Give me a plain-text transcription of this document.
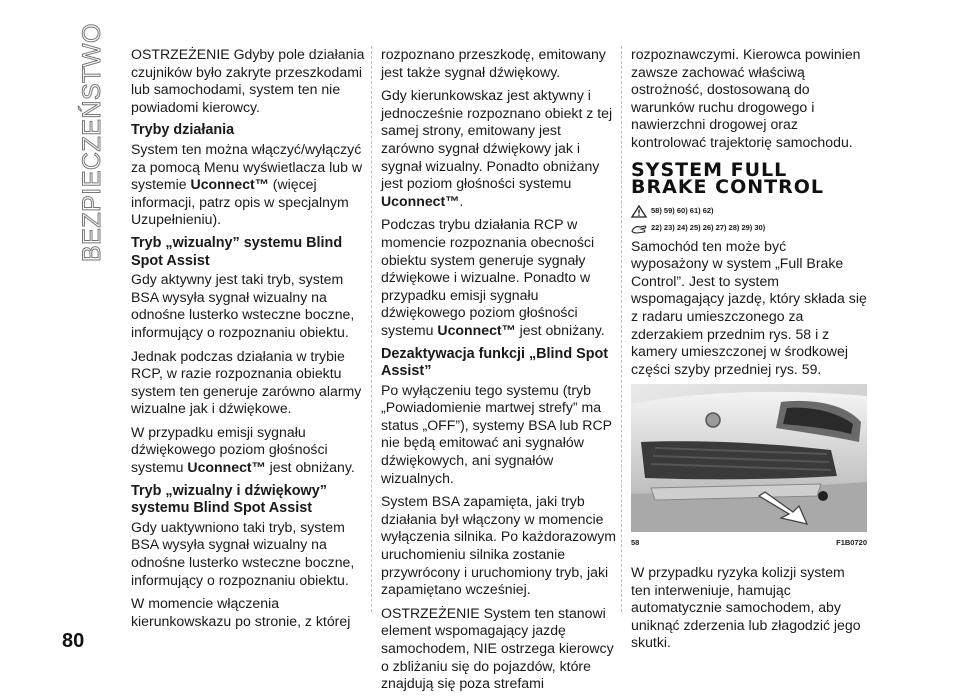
BEZPIECZEŃSTWO OSTRZEŻENIE Gdyby pole działania czujników było zakryte przeszkodami lub samochodami, system ten nie powiadomi kierowcy.

Tryby działania

System ten można włączyć/wyłączyć za pomocą Menu wyświetlacza lub w systemie Uconnect™ (więcej informacji, patrz opis w specjalnym Uzupełnieniu).

Tryb „wizualny” systemu Blind Spot Assist

Gdy aktywny jest taki tryb, system BSA wysyła sygnał wizualny na odnośne lusterko wsteczne boczne, informujący o rozpoznaniu obiektu.

Jednak podczas działania w trybie RCP, w razie rozpoznania obiektu system ten generuje zarówno alarmy wizualne jak i dźwiękowe.

W przypadku emisji sygnału dźwiękowego poziom głośności systemu Uconnect™ jest obniżany.

Tryb „wizualny i dźwiękowy” systemu Blind Spot Assist

Gdy uaktywniono taki tryb, system BSA wysyła sygnał wizualny na odnośne lusterko wsteczne boczne, informujący o rozpoznaniu obiektu.

W momencie włączenia kierunkowskazu po stronie, z której

rozpoznano przeszkodę, emitowany jest także sygnał dźwiękowy.

Gdy kierunkowskaz jest aktywny i jednocześnie rozpoznano obiekt z tej samej strony, emitowany jest zarówno sygnał dźwiękowy jak i sygnał wizualny. Ponadto obniżany jest poziom głośności systemu Uconnect™.

Podczas trybu działania RCP w momencie rozpoznania obecności obiektu system generuje sygnały dźwiękowe i wizualne. Ponadto w przypadku emisji sygnału dźwiękowego poziom głośności systemu Uconnect™ jest obniżany.

Dezaktywacja funkcji „Blind Spot Assist”

Po wyłączeniu tego systemu (tryb „Powiadomienie martwej strefy” ma status „OFF”), systemy BSA lub RCP nie będą emitować ani sygnałów dźwiękowych, ani sygnałów wizualnych.

System BSA zapamięta, jaki tryb działania był włączony w momencie wyłączenia silnika. Po każdorazowym uruchomieniu silnika zostanie przywrócony i uruchomiony tryb, jaki zapamiętano wcześniej.

OSTRZEŻENIE System ten stanowi element wspomagający jazdę samochodem, NIE ostrzega kierowcy o zbliżaniu się do pojazdów, które znajdują się poza strefami

rozpoznawczymi. Kierowca powinien zawsze zachować właściwą ostrożność, dostosowaną do warunków ruchu drogowego i nawierzchni drogowej oraz kontrolować trajektorię samochodu.

SYSTEM FULL BRAKE CONTROL
58) 59) 60) 61) 62)
22) 23) 24) 25) 26) 27) 28) 29) 30)

Samochód ten może być wyposażony w system „Full Brake Control”. Jest to system wspomagający jazdę, który składa się z radaru umieszczonego za zderzakiem przednim rys. 58 i z kamery umieszczonej w środkowej części szyby przedniej rys. 59.

58	F1B0720

W przypadku ryzyka kolizji system ten interweniuje, hamując automatycznie samochodem, aby uniknąć zderzenia lub złagodzić jego skutki.

80
